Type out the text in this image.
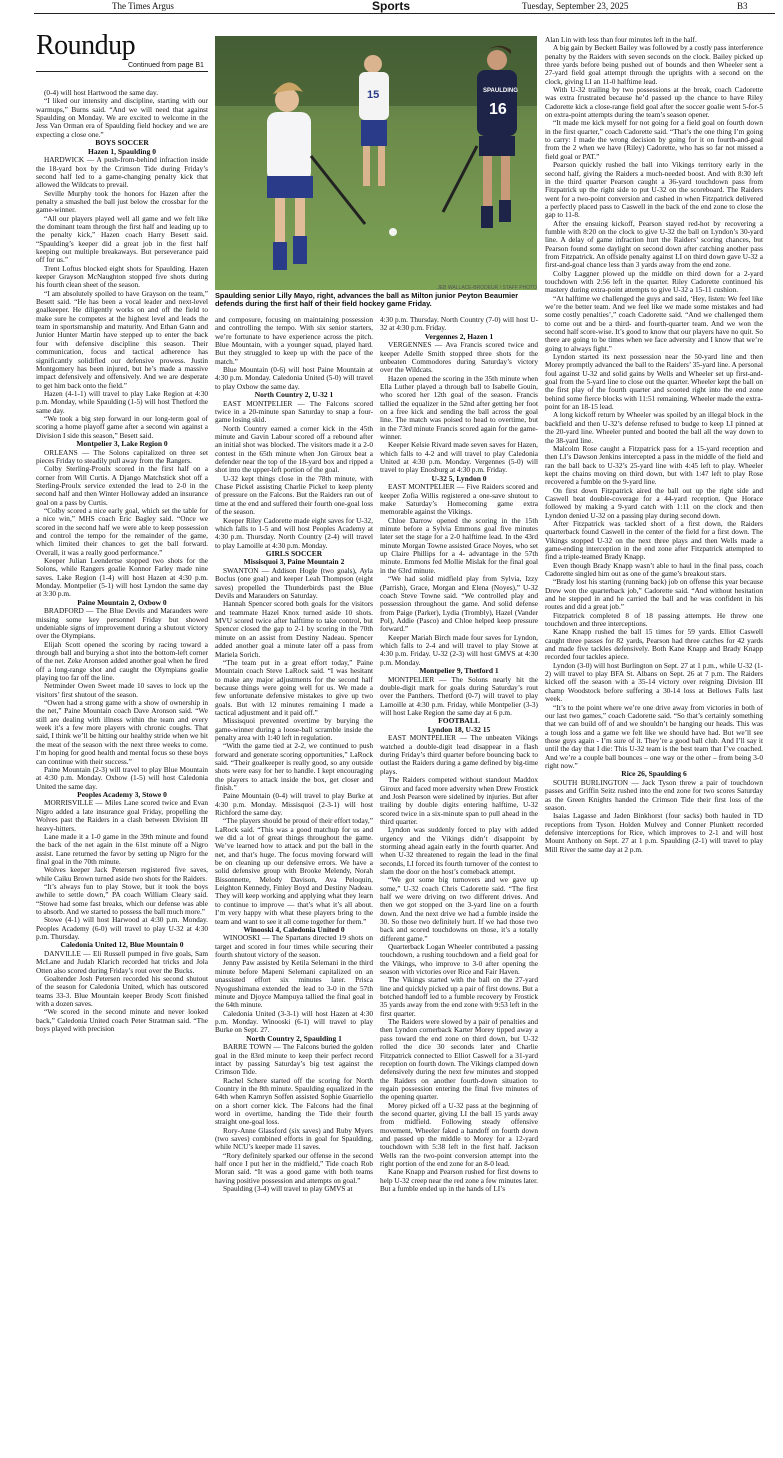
The Times Argus	Sports	Tuesday, September 23, 2025	B3
Roundup
Continued from page B1
15	SPAULDING
16
JEB WALLACE-BRODEUR / STAFF PHOTO
Spaulding senior Lilly Mayo, right, advances the ball as Milton junior Peyton Beaumier defends during the first half of their field hockey game Friday.

(0-4) will host Hartwood the same day.

“I liked our intensity and discipline, starting with our warmups,” Burns said. “And we will need that against Spaulding on Monday. We are excited to welcome in the Jess Van Orman era of Spaulding field hockey and we are expecting a close one.”

BOYS SOCCER
Hazen 1, Spaulding 0

HARDWICK — A push-from-behind infraction inside the 18-yard box by the Crimson Tide during Friday’s second half led to a game-changing penalty kick that allowed the Wildcats to prevail.

Seville Murphy took the honors for Hazen after the penalty a smashed the ball just below the crossbar for the game-winner.

“All our players played well all game and we felt like the dominant team through the first half and leading up to the penalty kick,” Hazen coach Harry Besett said. “Spaulding’s keeper did a great job in the first half keeping out multiple breakaways. But perseverance paid off for us.”

Trent Loftus blocked eight shots for Spaulding. Hazen keeper Grayson McNaughton stopped five shots during his fourth clean sheet of the season.

“I am absolutely spoiled to have Grayson on the team,” Besett said. “He has been a vocal leader and next-level goalkeeper. He diligently works on and off the field to make sure he competes at the highest level and leads the team in sportsmanship and maturity. And Ethan Gann and Junior Hunter Martin have stepped up to enter the back four with defensive discipline this season. Their communication, focus and tactical adherence has significantly solidified our defensive prowess. Justin Montgomery has been injured, but he’s made a massive impact defensively and offensively. And we are desperate to get him back onto the field.”

Hazen (4-1-1) will travel to play Lake Region at 4:30 p.m. Monday, while Spaulding (1-5) will host Thetford the same day.

“We took a big step forward in our long-term goal of scoring a home playoff game after a second win against a Division I side this season,” Besett said.

Montpelier 3, Lake Region 0

ORLEANS — The Solons capitalized on three set pieces Friday to steadily pull away from the Rangers.

Colby Sterling-Proulx scored in the first half on a corner from Will Curtis. A Django Matchstick shot off a Sterling-Proulx service extended the lead to 2-0 in the second half and then Winter Holloway added an insurance goal on a pass by Curtis.

“Colby scored a nice early goal, which set the table for a nice win,” MHS coach Eric Bagley said. “Once we scored in the second half we were able to keep possession and control the tempo for the remainder of the game, which limited their chances to get the ball forward. Overall, it was a really good performance.”

Keeper Julian Leendertse stopped two shots for the Solons, while Rangers goalie Konnor Farley made nine saves. Lake Region (1-4) will host Hazen at 4:30 p.m. Monday. Montpelier (5-1) will host Lyndon the same day at 3:30 p.m.

Paine Mountain 2, Oxbow 0

BRADFORD — The Blue Devils and Marauders were missing some key personnel Friday but showed undeniable signs of improvement during a shutout victory over the Olympians.

Elijah Scott opened the scoring by racing toward a through ball and burying a shot into the bottom-left corner of the net. Zeke Aronson added another goal when he fired off a long-range shot and caught the Olympians goalie playing too far off the line.

Netminder Owen Sweet made 10 saves to lock up the visitors’ first shutout of the season.

“Owen had a strong game with a show of ownership in the net,” Paine Mountain coach Dave Aronson said. “We still are dealing with illness within the team and every week it’s a few more players with chronic coughs. That said, I think we’ll be hitting our healthy stride when we hit the meat of the season with the next three weeks to come. I’m hoping for good health and mental focus so these boys can continue with their success.”

Paine Mountain (2-3) will travel to play Blue Mountain at 4:30 p.m. Monday. Oxbow (1-5) will host Caledonia United the same day.

Peoples Academy 3, Stowe 0

MORRISVILLE — Miles Lane scored twice and Evan Nigro added a late insurance goal Friday, propelling the Wolves past the Raiders in a clash between Division III heavy-hitters.

Lane made it a 1-0 game in the 39th minute and found the back of the net again in the 61st minute off a Nigro assist. Lane returned the favor by setting up Nigro for the final goal in the 70th minute.

Wolves keeper Jack Petersen registered five saves, while Caiku Brown turned aside two shots for the Raiders.

“It’s always fun to play Stowe, but it took the boys awhile to settle down,” PA coach William Cleary said. “Stowe had some fast breaks, which our defense was able to absorb. And we started to possess the ball much more.”

Stowe (4-1) will host Harwood at 4:30 p.m. Monday. Peoples Academy (6-0) will travel to play U-32 at 4:30 p.m. Thursday.

Caledonia United 12, Blue Mountain 0

DANVILLE — Eli Russell pumped in five goals, Sam McLane and Judah Klarich recorded hat tricks and Jola Otten also scored during Friday’s rout over the Bucks.

Goaltender Josh Petersen recorded his second shutout of the season for Caledonia United, which has outscored teams 33-3. Blue Mountain keeper Brody Scott finished with a dozen saves.

“We scored in the second minute and never looked back,” Caledonia United coach Peter Stratman said. “The boys played with precision

and composure, focusing on maintaining possession and controlling the tempo. With six senior starters, we’re fortunate to have experience across the pitch. Blue Mountain, with a younger squad, played hard. But they struggled to keep up with the pace of the match.”

Blue Mountain (0-6) will host Paine Mountain at 4:30 p.m. Monday. Caledonia United (5-0) will travel to play Oxbow the same day.

North Country 2, U-32 1

EAST MONTPELIER — The Falcons scored twice in a 20-minute span Saturday to snap a four-game losing skid.

North Country earned a corner kick in the 45th minute and Gavin Labour scored off a rebound after an initial shot was blocked. The visitors made it a 2-0 contest in the 65th minute when Jon Giroux beat a defender near the top of the 18-yard box and ripped a shot into the upper-left portion of the goal.

U-32 kept things close in the 78th minute, with Chase Pickel assisting Charlie Pickel to keep plenty of pressure on the Falcons. But the Raiders ran out of time at the end and suffered their fourth one-goal loss of the season.

Keeper Riley Cadorette made eight saves for U-32, which falls to 1-5 and will host Peoples Academy at 4:30 p.m. Thursday. North Country (2-4) will travel to play Lamoille at 4:30 p.m. Monday.

GIRLS SOCCER
Missisquoi 3, Paine Mountain 2

SWANTON — Addison Hogle (two goals), Ayla Boclus (one goal) and keeper Leah Thompson (eight saves) propelled the Thunderbirds past the Blue Devils and Marauders on Saturday.

Hannah Spencer scored both goals for the visitors and teammate Hazel Knox turned aside 10 shots. MVU scored twice after halftime to take control, but Spencer closed the gap to 2-1 by scoring in the 70th minute on an assist from Destiny Nadeau. Spencer added another goal a minute later off a pass from Mariela Sorich.

“The team put in a great effort today,” Paine Mountain coach Steve LaRock said. “I was hesitant to make any major adjustments for the second half because things were going well for us. We made a few unfortunate defensive mistakes to give up two goals. But with 12 minutes remaining I made a tactical adjustment and it paid off.”

Missisquoi prevented overtime by burying the game-winner during a loose-ball scramble inside the penalty area with 1:40 left in regulation.

“With the game tied at 2-2, we continued to push forward and generate scoring opportunities,” LaRock said. “Their goalkeeper is really good, so any outside shots were easy for her to handle. I kept encouraging the players to attack inside the box, get closer and finish.”

Paine Mountain (0-4) will travel to play Burke at 4:30 p.m. Monday. Missisquoi (2-3-1) will host Richford the same day.

“The players should be proud of their effort today,” LaRock said. “This was a good matchup for us and we did a lot of great things throughout the game. We’ve learned how to attack and put the ball in the net, and that’s huge. The focus moving forward will be on cleaning up our defensive errors. We have a solid defensive group with Brooke Melendy, Norah Bissonnette, Melody Davison, Ava Peloquin, Leighton Kennedy, Finley Boyd and Destiny Nadeau. They will keep working and applying what they learn to continue to improve — that’s what it’s all about. I’m very happy with what these players bring to the team and want to see it all come together for them.”

Winooski 4, Caledonia United 0

WINOOSKI — The Spartans directed 19 shots on target and scored in four times while securing their fourth shutout victory of the season.

Jenny Paw assisted by Ketila Selemani in the third minute before Mapeni Selemani capitalized on an unassisted effort six minutes later. Prisca Nyogushimana extended the lead to 3-0 in the 57th minute and Djoyce Mampuya tallied the final goal in the 64th minute.

Caledonia United (3-3-1) will host Hazen at 4:30 p.m. Monday. Winooski (6-1) will travel to play Burke on Sept. 27.

North Country 2, Spaulding 1

BARRE TOWN — The Falcons buried the golden goal in the 83rd minute to keep their perfect record intact by passing Saturday’s big test against the Crimson Tide.

Rachel Schere started off the scoring for North Country in the 8th minute. Spaulding equalized in the 64th when Kamryn Soffen assisted Sophie Guarriello on a short corner kick. The Falcons had the final word in overtime, handing the Tide their fourth straight one-goal loss.

Rory-Anne Glassford (six saves) and Ruby Myers (two saves) combined efforts in goal for Spaulding, while NCU’s keeper made 11 saves.

“Rory definitely sparked our offense in the second half once I put her in the midfield,” Tide coach Rob Moran said. “It was a good game with both teams having positive possession and attempts on goal.”

Spaulding (3-4) will travel to play GMVS at

4:30 p.m. Thursday. North Country (7-0) will host U-32 at 4:30 p.m. Friday.

Vergennes 2, Hazen 1

VERGENNES — Ava Francis scored twice and keeper Adelle Smith stopped three shots for the unbeaten Commodores during Saturday’s victory over the Wildcats.

Hazen opened the scoring in the 35th minute when Ella Luther played a through ball to Isabelle Gouin, who scored her 12th goal of the season. Francis tallied the equalizer in the 52nd after getting her foot on a free kick and sending the ball across the goal line. The match was poised to head to overtime, but in the 73rd minute Francis scored again for the game-winner.

Keeper Kelsie Rivard made seven saves for Hazen, which falls to 4-2 and will travel to play Caledonia United at 4:30 p.m. Monday. Vergennes (5-0) will travel to play Enosburg at 4:30 p.m. Friday.

U-32 5, Lyndon 0

EAST MONTPELIER — Five Raiders scored and keeper Zofia Willis registered a one-save shutout to make Saturday’s Homecoming game extra memorable against the Vikings.

Chloe Darrow opened the scoring in the 15th minute before a Sylvia Emmons goal five minutes later set the stage for a 2-0 halftime lead. In the 43rd minute Morgan Towne assisted Grace Noyes, who set up Claire Phillips for a 4- advantage in the 57th minute. Emmons fed Mollie Mislak for the final goal in the 63rd minute.

“We had solid midfield play from Sylvia, Izzy (Parrish), Grace, Morgan and Elena (Noyes),” U-32 coach Steve Towne said. “We controlled play and possession throughout the game. And solid defense from Paige (Parker), Lydia (Trombly), Hazel (Vander Pol), Addie (Pasco) and Chloe helped keep pressure forward.”

Keeper Mariah Birch made four saves for Lyndon, which falls to 2-4 and will travel to play Stowe at 4:30 p.m. Friday. U-32 (2-3) will host GMVS at 4:30 p.m. Monday.

Montpelier 9, Thetford 1

MONTPELIER — The Solons nearly hit the double-digit mark for goals during Saturday’s rout over the Panthers. Thetford (0-7) will travel to play Lamoille at 4:30 p.m. Friday, while Montpelier (3-3) will host Lake Region the same day at 6 p.m.

FOOTBALL
Lyndon 18, U-32 15

EAST MONTPELIER — The unbeaten Vikings watched a double-digit lead disappear in a flash during Friday’s third quarter before bouncing back to outlast the Raiders during a game defined by big-time plays.

The Raiders competed without standout Maddox Giroux and faced more adversity when Drew Frostick and Josh Pearson were sidelined by injuries. But after trailing by double digits entering halftime, U-32 scored twice in a six-minute span to pull ahead in the third quarter.

Lyndon was suddenly forced to play with added urgency and the Vikings didn’t disappoint by storming ahead again early in the fourth quarter. And when U-32 threatened to regain the lead in the final seconds, LI forced its fourth turnover of the contest to slam the door on the host’s comeback attempt.

“We got some big turnovers and we gave up some,” U-32 coach Chris Cadorette said. “The first half we were driving on two different drives. And then we got stopped on the 3-yard line on a fourth down. And the next drive we had a fumble inside the 30. So those two definitely hurt. If we had those two back and scored touchdowns on those, it’s a totally different game.”

Quarterback Logan Wheeler contributed a passing touchdown, a rushing touchdown and a field goal for the Vikings, who improve to 3-0 after opening the season with victories over Rice and Fair Haven.

The Vikings started with the ball on the 27-yard line and quickly picked up a pair of first downs. But a botched handoff led to a fumble recovery by Frostick 35 yards away from the end zone with 9:53 left in the first quarter.

The Raiders were slowed by a pair of penalties and then Lyndon cornerback Karter Morey tipped away a pass toward the end zone on third down, but U-32 rolled the dice 30 seconds later and Charlie Fitzpatrick connected to Elliot Caswell for a 31-yard reception on fourth down. The Vikings clamped down defensively during the next few minutes and stopped the Raiders on another fourth-down situation to regain possession entering the final five minutes of the opening quarter.

Morey picked off a U-32 pass at the beginning of the second quarter, giving LI the ball 15 yards away from midfield. Following steady offensive movement, Wheeler faked a handoff on fourth down and passed up the middle to Morey for a 12-yard touchdown with 5:38 left in the first half. Jackson Wells ran the two-point conversion attempt into the right portion of the end zone for an 8-0 lead.

Kane Knapp and Pearson rushed for first downs to help U-32 creep near the red zone a few minutes later. But a fumble ended up in the hands of LI’s

Alan Lin with less than four minutes left in the half.

A big gain by Beckett Bailey was followed by a costly pass interference penalty by the Raiders with seven seconds on the clock. Bailey picked up three yards before being pushed out of bounds and then Wheeler sent a 27-yard field goal attempt through the uprights with a second on the clock, giving LI an 11-0 halftime lead.

With U-32 trailing by two possessions at the break, coach Cadorette was extra frustrated because he’d passed up the chance to have Riley Cadorette kick a close-range field goal after the soccer goalie went 5-for-5 on extra-point attempts during the team’s season opener.

“It made me kick myself for not going for a field goal on fourth down in the first quarter,” coach Cadorette said. “That’s the one thing I’m going to carry: I made the wrong decision by going for it on fourth-and-goal from the 2 when we have (Riley) Cadorette, who has so far not missed a field goal or PAT.”

Pearson quickly rushed the ball into Vikings territory early in the second half, giving the Raiders a much-needed boost. And with 8:30 left in the third quarter Pearson caught a 36-yard touchdown pass from Fitzpatrick up the right side to put U-32 on the scoreboard. The Raiders went for a two-point conversion and cashed in when Fitzpatrick delivered a perfectly placed pass to Caswell in the back of the end zone to close the gap to 11-8.

After the ensuing kickoff, Pearson stayed red-hot by recovering a fumble with 8:20 on the clock to give U-32 the ball on Lyndon’s 30-yard line. A delay of game infraction hurt the Raiders’ scoring chances, but Pearson found some daylight on second down after catching another pass from Fitzpatrick. An offside penalty against LI on third down gave U-32 a first-and-goal chance less than 3 yards away from the end zone.

Colby Laggner plowed up the middle on third down for a 2-yard touchdown with 2:56 left in the quarter. Riley Cadorette continued his mastery during extra-point attempts to give U-32 a 15-11 cushion.

“At halftime we challenged the guys and said, ‘Hey, listen: We feel like we’re the better team. And we feel like we made some mistakes and had some costly penalties’,” coach Cadorette said. “And we challenged them to come out and be a third- and fourth-quarter team. And we won the second half score-wise. It’s good to know that our players have no quit. So there are going to be times when we face adversity and I know that we’re going to always fight.”

Lyndon started its next possession near the 50-yard line and then Morey promptly advanced the ball to the Raiders’ 35-yard line. A personal foul against U-32 and solid gains by Wells and Wheeler set up first-and-goal from the 5-yard line to close out the quarter. Wheeler kept the ball on the first play of the fourth quarter and scooted right into the end zone behind some fierce blocks with 11:51 remaining. Wheeler made the extra-point for an 18-15 lead.

A long kickoff return by Wheeler was spoiled by an illegal block in the backfield and then U-32’s defense refused to budge to keep LI pinned at the 20-yard line. Wheeler punted and booted the ball all the way down to the 38-yard line.

Malcolm Rose caught a Fitzpatrick pass for a 15-yard reception and then LI’s Dawson Jenkins intercepted a pass in the middle of the field and ran the ball back to U-32’s 25-yard line with 4:45 left to play. Wheeler kept the chains moving on third down, but with 1:47 left to play Rose recovered a fumble on the 9-yard line.

On first down Fitzpatrick aired the ball out up the right side and Caswell beat double-coverage for a 44-yard reception. Que Horace followed by making a 9-yard catch with 1:11 on the clock and then Lyndon denied U-32 on a passing play during second down.

After Fitzpatrick was tackled short of a first down, the Raiders quarterback found Caswell in the center of the field for a first down. The Vikings stopped U-32 on the next three plays and then Wells made a game-ending interception in the end zone after Fitzpatrick attempted to find a triple-teamed Brady Knapp.

Even though Brady Knapp wasn’t able to haul in the final pass, coach Cadorette singled him out as one of the game’s breakout stars.

“Brady lost his starting (running back) job on offense this year because Drew won the quarterback job,” Cadorette said. “And without hesitation and he stepped in and he carried the ball and he was confident in his routes and did a great job.”

Fitzpatrick completed 8 of 18 passing attempts. He threw one touchdown and three interceptions.

Kane Knapp rushed the ball 15 times for 59 yards. Elliot Caswell caught three passes for 82 yards, Pearson had three catches for 42 yards and made five tackles defensively. Both Kane Knapp and Brady Knapp recorded four tackles apiece.

Lyndon (3-0) will host Burlington on Sept. 27 at 1 p.m., while U-32 (1-2) will travel to play BFA St. Albans on Sept. 26 at 7 p.m. The Raiders kicked off the season with a 35-14 victory over reigning Division III champ Woodstock before suffering a 30-14 loss at Bellows Falls last week.

“It’s to the point where we’re one drive away from victories in both of our last two games,” coach Cadorette said. “So that’s certainly something that we can build off of and we shouldn’t be hanging our heads. This was a tough loss and a game we felt like we should have had. But we’ll see those guys again - I’m sure of it. They’re a good ball club. And I’ll say it until the day that I die: This U-32 team is the best team that I’ve coached. And we’re a couple ball bounces – one way or the other – from being 3-0 right now.”

Rice 26, Spaulding 6

SOUTH BURLINGTON — Jack Tyson threw a pair of touchdown passes and Griffin Seitz rushed into the end zone for two scores Saturday as the Green Knights handed the Crimson Tide their first loss of the season.

Isaias Lagasse and Jaden Binkhorst (four sacks) both hauled in TD receptions from Tyson. Holden Mulvey and Conner Plunkett recorded defensive interceptions for Rice, which improves to 2-1 and will host Mount Anthony on Sept. 27 at 1 p.m. Spaulding (2-1) will travel to play Mill River the same day at 2 p.m.
